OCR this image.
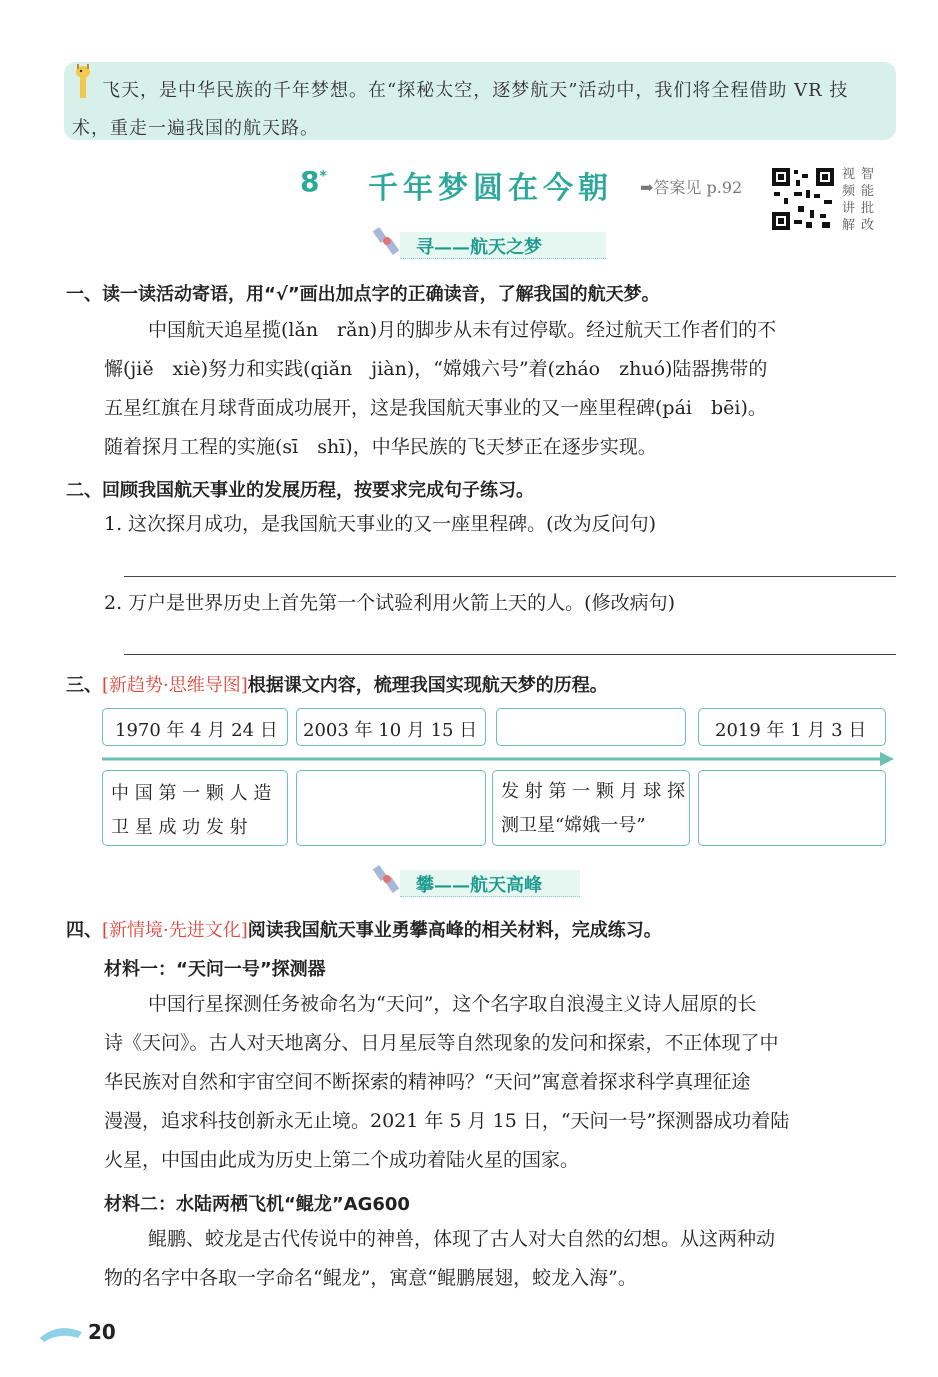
飞天，是中华民族的千年梦想。在“探秘太空，逐梦航天”活动中，我们将全程借助 VR 技
术，重走一遍我国的航天路。
8* 千年梦圆在今朝 ➡答案见 p.92
视频讲解
智能批改
寻——航天之梦
一、读一读活动寄语，用“√”画出加点字的正确读音，了解我国的航天梦。
中国航天追星揽(lǎn　rǎn)月的脚步从未有过停歇。经过航天工作者们的不
懈(jiě　xiè)努力和实践(qiǎn　jiàn)，“嫦娥六号”着(zháo　zhuó)陆器携带的
五星红旗在月球背面成功展开，这是我国航天事业的又一座里程碑(pái　bēi)。
随着探月工程的实施(sī　shī)，中华民族的飞天梦正在逐步实现。
二、回顾我国航天事业的发展历程，按要求完成句子练习。
1. 这次探月成功，是我国航天事业的又一座里程碑。(改为反问句)
2. 万户是世界历史上首先第一个试验利用火箭上天的人。(修改病句)
三、[新趋势·思维导图]根据课文内容，梳理我国实现航天梦的历程。
1970 年 4 月 24 日	2003 年 10 月 15 日	2019 年 1 月 3 日
中 国 第 一 颗 人 造
卫 星 成 功 发 射
发 射 第 一 颗 月 球 探
测卫星“嫦娥一号”
攀——航天高峰
四、[新情境·先进文化]阅读我国航天事业勇攀高峰的相关材料，完成练习。
材料一：“天问一号”探测器
中国行星探测任务被命名为“天问”，这个名字取自浪漫主义诗人屈原的长
诗《天问》。古人对天地离分、日月星辰等自然现象的发问和探索，不正体现了中
华民族对自然和宇宙空间不断探索的精神吗？“天问”寓意着探求科学真理征途
漫漫，追求科技创新永无止境。2021 年 5 月 15 日，“天问一号”探测器成功着陆
火星，中国由此成为历史上第二个成功着陆火星的国家。
材料二：水陆两栖飞机“鲲龙”AG600
鲲鹏、蛟龙是古代传说中的神兽，体现了古人对大自然的幻想。从这两种动
物的名字中各取一字命名“鲲龙”，寓意“鲲鹏展翅，蛟龙入海”。
20
